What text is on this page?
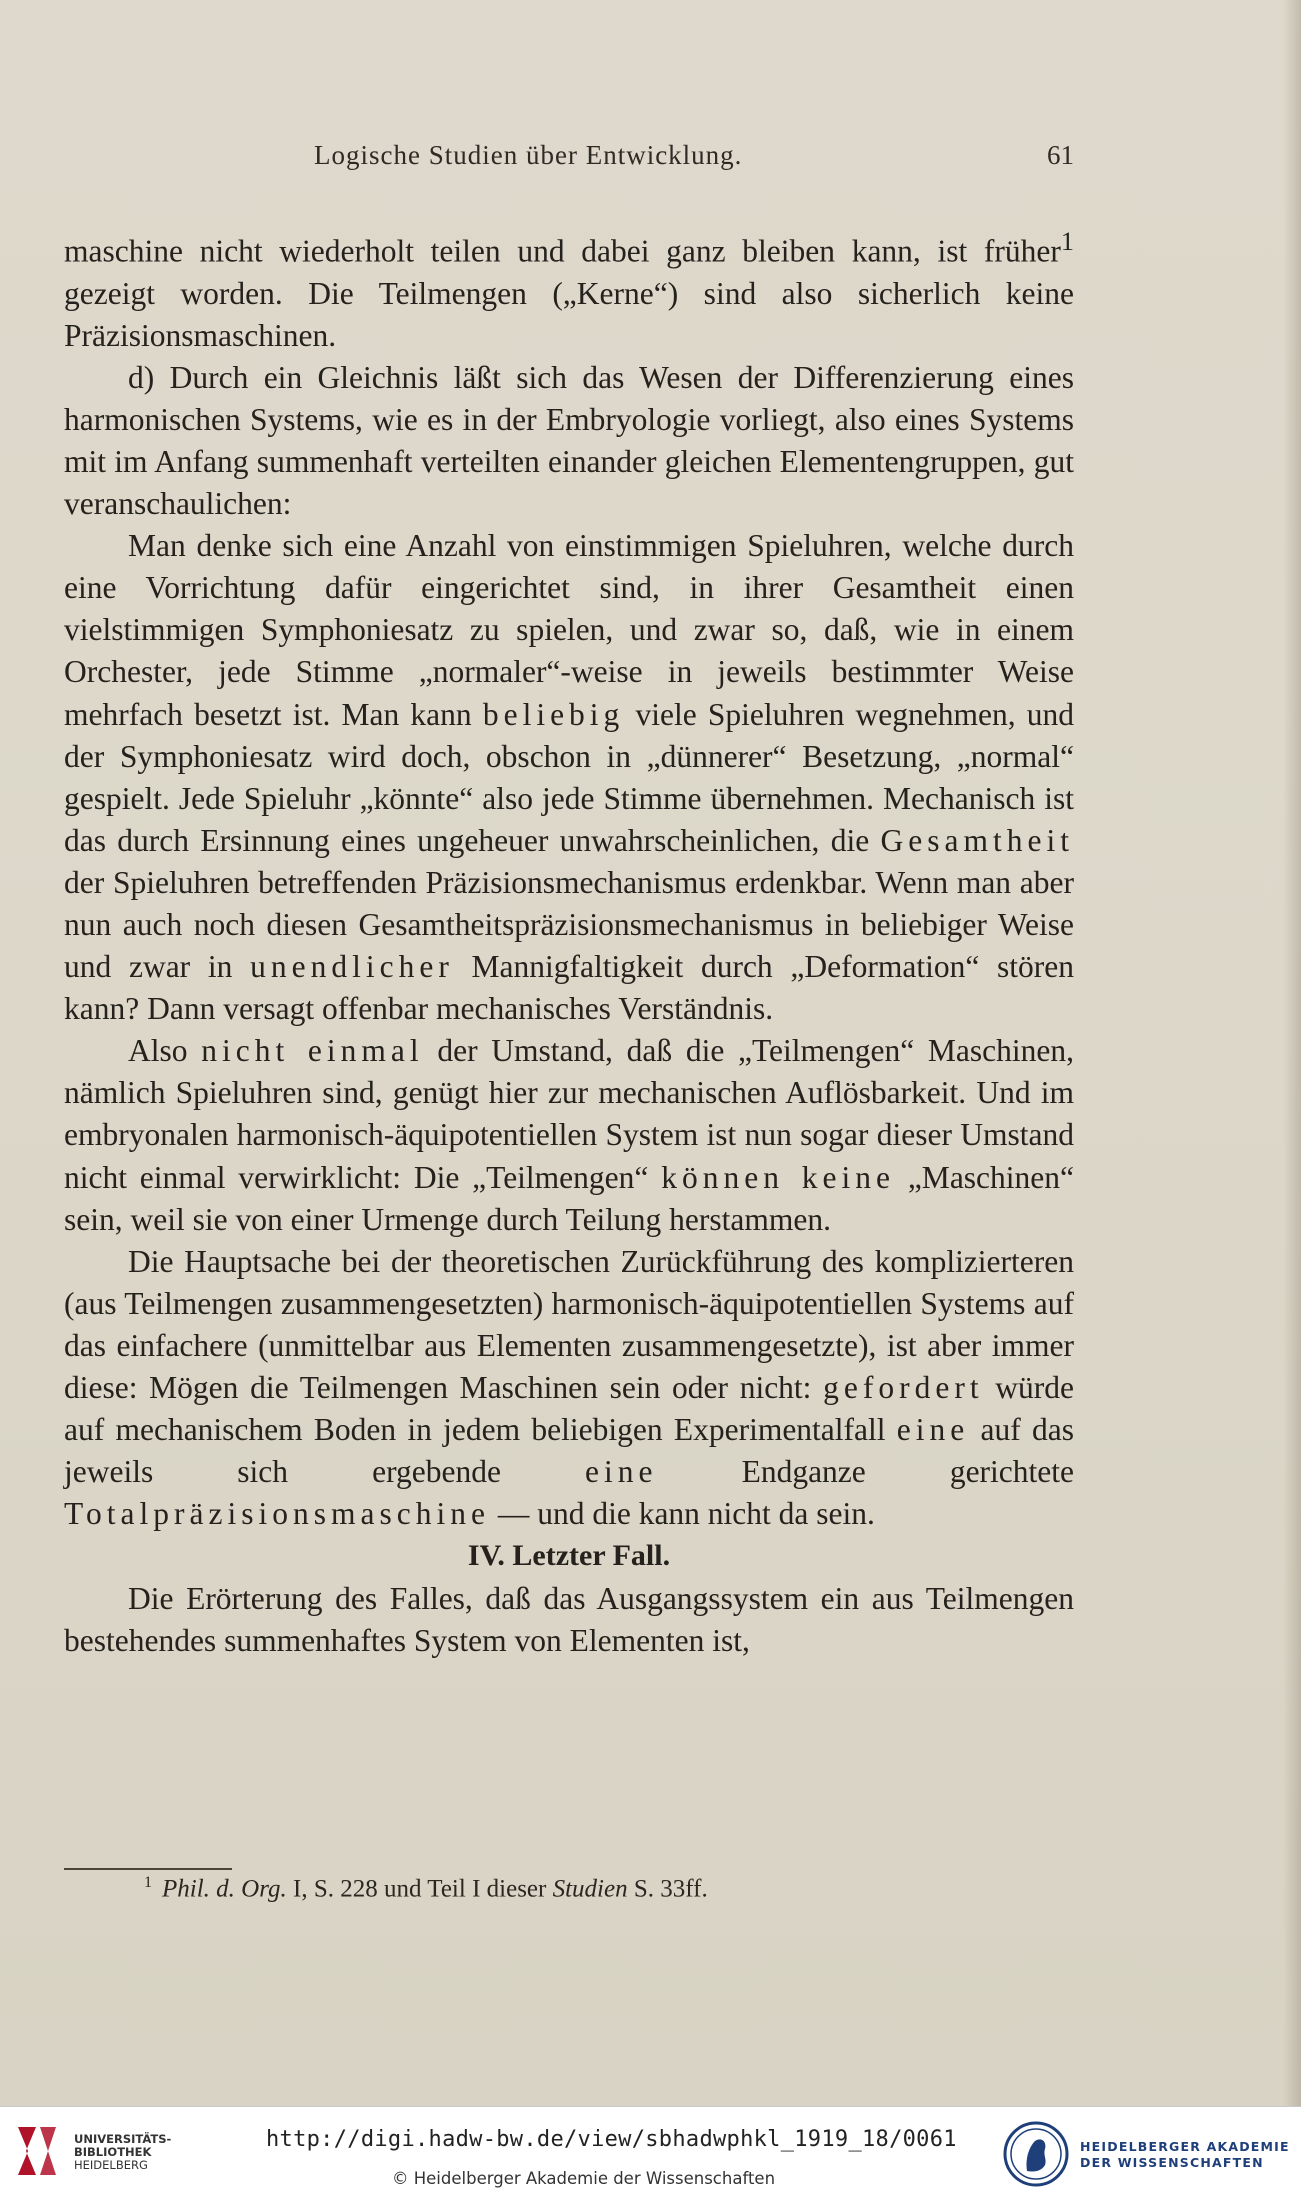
Logische Studien über Entwicklung.	61

maschine nicht wiederholt teilen und dabei ganz bleiben kann, ist früher$^1$ gezeigt worden. Die Teilmengen („Kerne“) sind also sicherlich keine Präzisionsmaschinen.

d) Durch ein Gleichnis läßt sich das Wesen der Differenzierung eines harmonischen Systems, wie es in der Embryologie vorliegt, also eines Systems mit im Anfang summenhaft verteilten einander gleichen Elementengruppen, gut veranschaulichen:

Man denke sich eine Anzahl von einstimmigen Spieluhren, welche durch eine Vorrichtung dafür eingerichtet sind, in ihrer Gesamtheit einen vielstimmigen Symphoniesatz zu spielen, und zwar so, daß, wie in einem Orchester, jede Stimme „normaler“-weise in jeweils bestimmter Weise mehrfach besetzt ist. Man kann beliebig viele Spieluhren wegnehmen, und der Symphoniesatz wird doch, obschon in „dünnerer“ Besetzung, „normal“ gespielt. Jede Spieluhr „könnte“ also jede Stimme übernehmen. Mechanisch ist das durch Ersinnung eines ungeheuer unwahrscheinlichen, die Gesamtheit der Spieluhren betreffenden Präzisionsmechanismus erdenkbar. Wenn man aber nun auch noch diesen Gesamtheitspräzisionsmechanismus in beliebiger Weise und zwar in unendlicher Mannigfaltigkeit durch „Deformation“ stören kann? Dann versagt offenbar mechanisches Verständnis.

Also nicht einmal der Umstand, daß die „Teilmengen“ Maschinen, nämlich Spieluhren sind, genügt hier zur mechanischen Auflösbarkeit. Und im embryonalen harmonisch-äquipotentiellen System ist nun sogar dieser Umstand nicht einmal verwirklicht: Die „Teilmengen“ können keine „Maschinen“ sein, weil sie von einer Urmenge durch Teilung herstammen.

Die Hauptsache bei der theoretischen Zurückführung des komplizierteren (aus Teilmengen zusammengesetzten) harmonisch-äquipotentiellen Systems auf das einfachere (unmittelbar aus Elementen zusammengesetzte), ist aber immer diese: Mögen die Teilmengen Maschinen sein oder nicht: gefordert würde auf mechanischem Boden in jedem beliebigen Experimentalfall eine auf das jeweils sich ergebende eine Endganze gerichtete Totalpräzisionsmaschine — und die kann nicht da sein.

IV. Letzter Fall.

Die Erörterung des Falles, daß das Ausgangssystem ein aus Teilmengen bestehendes summenhaftes System von Elementen ist,

$^1$ Phil. d. Org. I, S. 228 und Teil I dieser Studien S. 33ff.
UNIVERSITÄTS-
BIBLIOTHEK
HEIDELBERG
http://digi.hadw-bw.de/view/sbhadwphkl_1919_18/0061
© Heidelberger Akademie der Wissenschaften
HEIDELBERGER AKADEMIE
DER WISSENSCHAFTEN
